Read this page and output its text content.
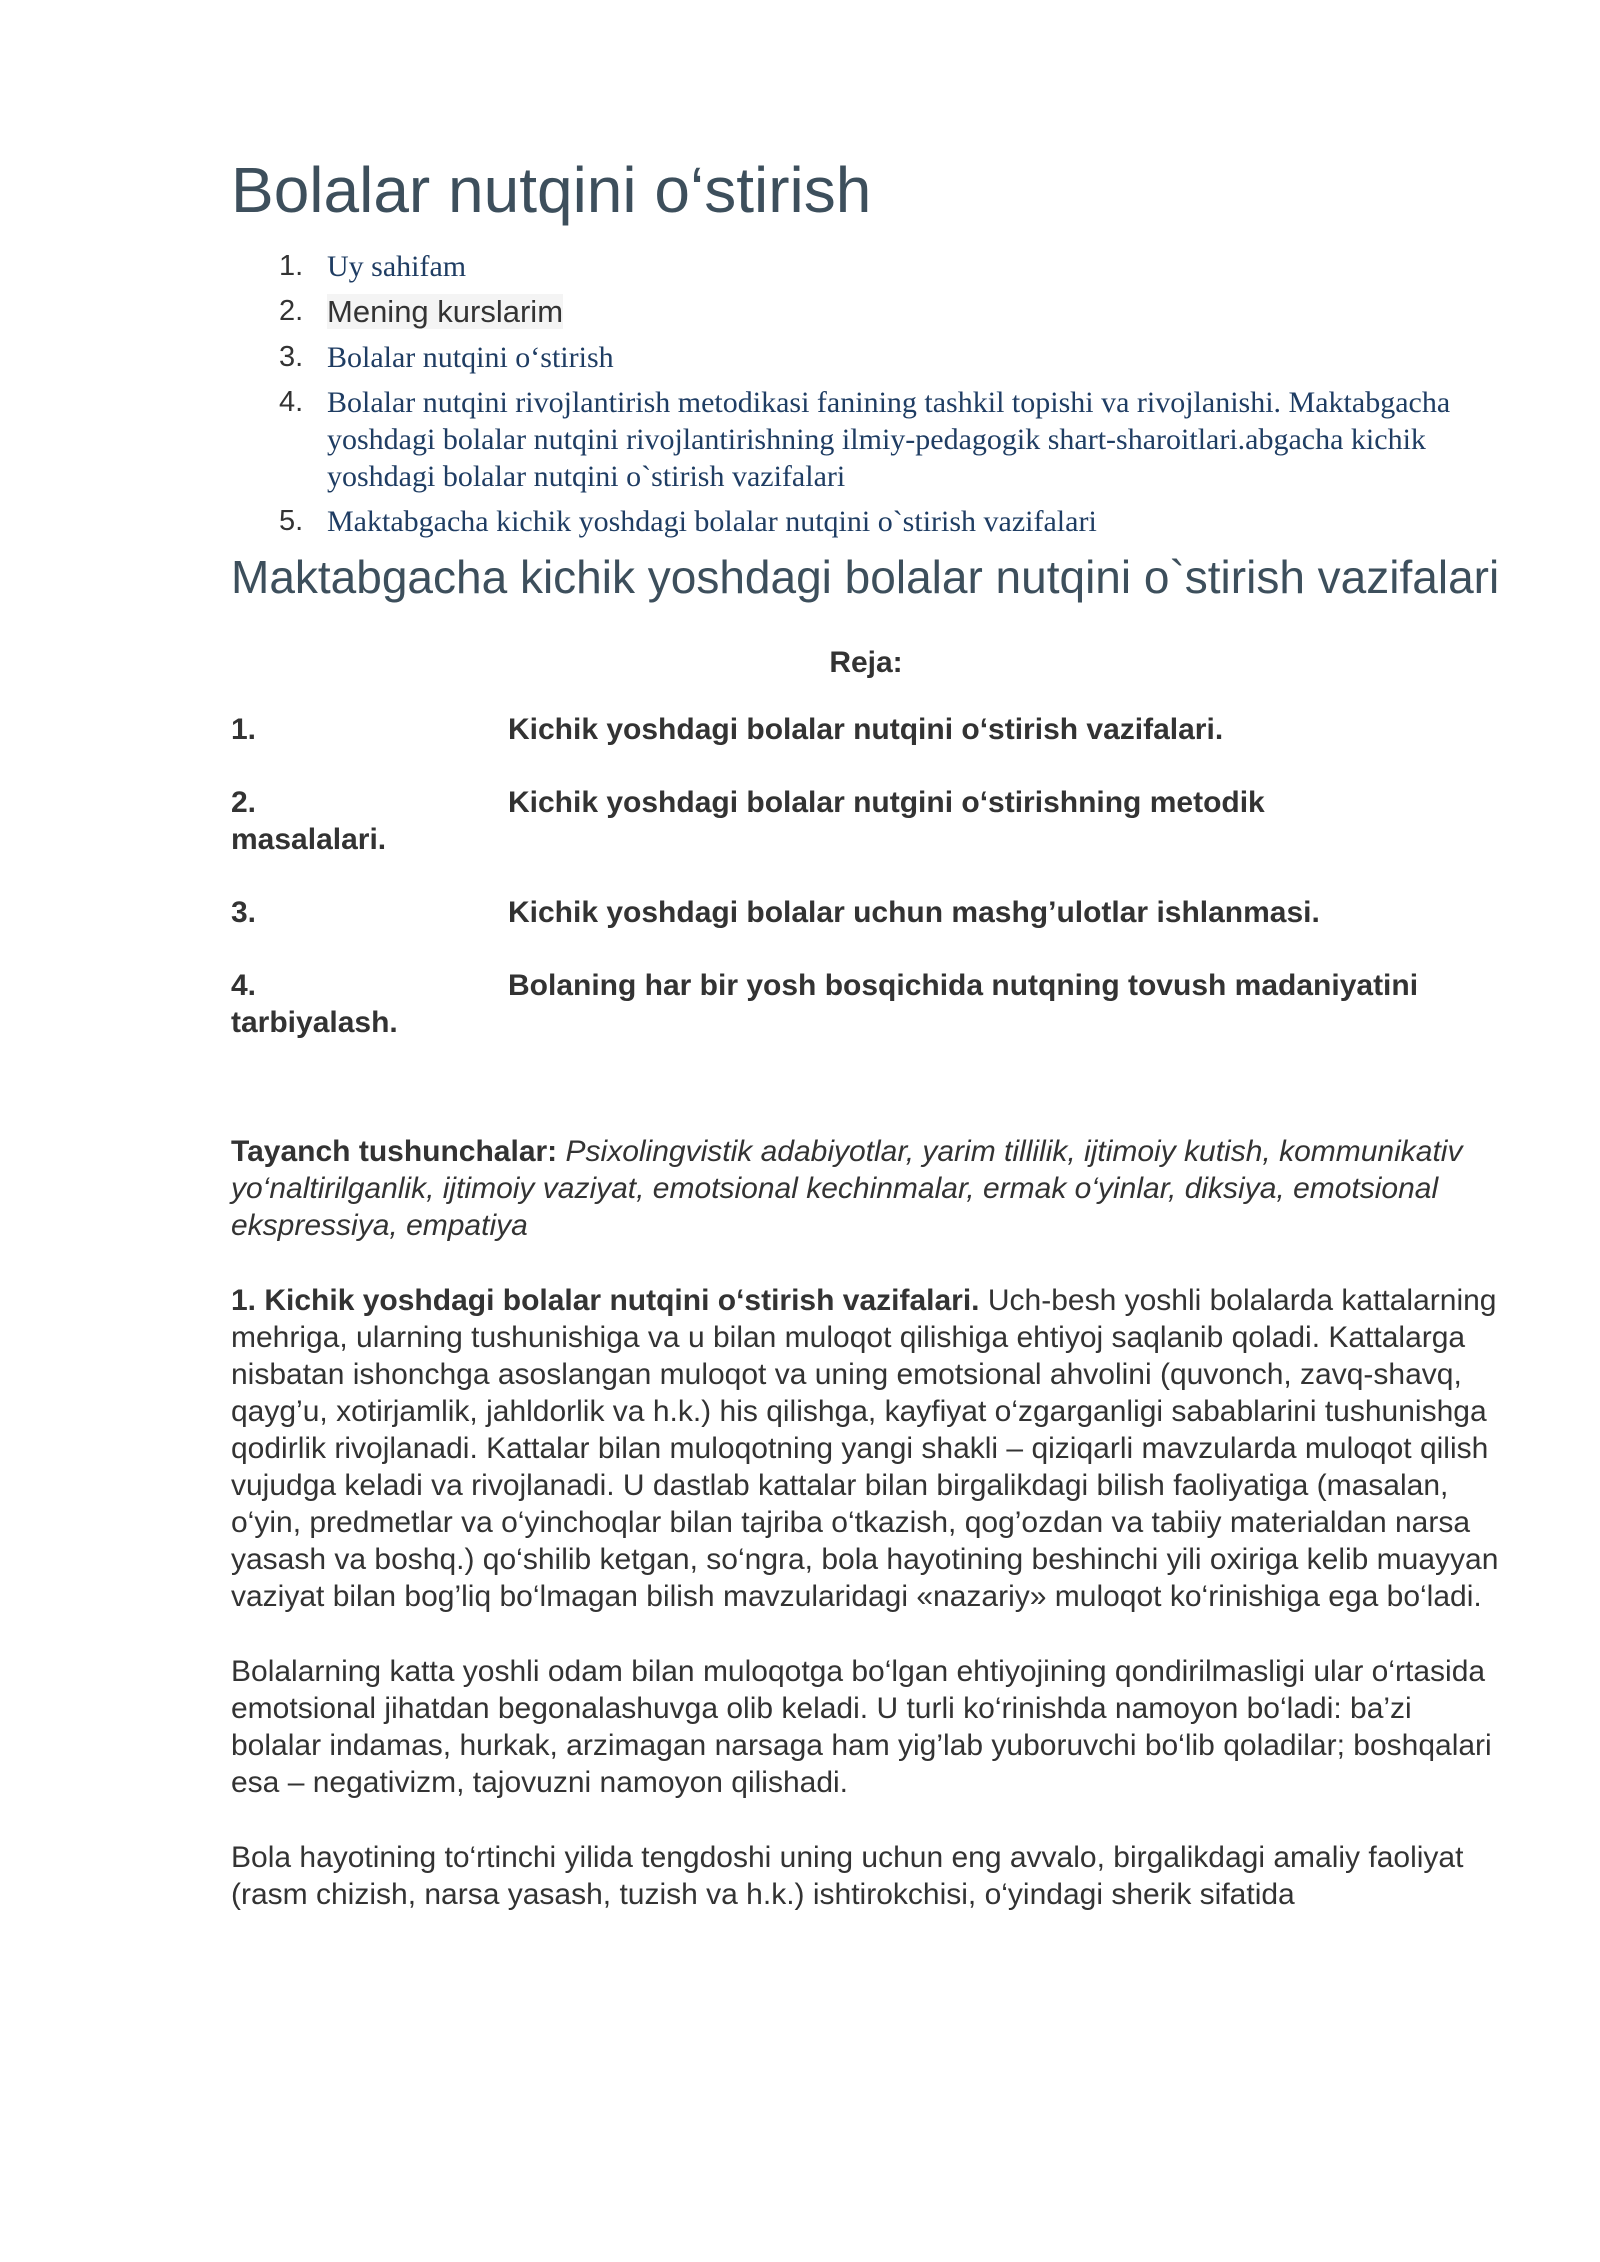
Bolalar nutqini o‘stirish
1. Uy sahifam
2. Mening kurslarim
3. Bolalar nutqini o‘stirish
4. Bolalar nutqini rivojlantirish metodikasi fanining tashkil topishi va rivojlanishi. Maktabgacha yoshdagi bolalar nutqini rivojlantirishning ilmiy-pedagogik shart-sharoitlari.abgacha kichik yoshdagi bolalar nutqini o`stirish vazifalari
5. Maktabgacha kichik yoshdagi bolalar nutqini o`stirish vazifalari
Maktabgacha kichik yoshdagi bolalar nutqini o`stirish vazifalari
Reja:
1.	Kichik yoshdagi bolalar nutqini o‘stirish vazifalari.
2.	Kichik yoshdagi bolalar nutgini o‘stirishning metodik
masalalari.
3.	Kichik yoshdagi bolalar uchun mashg’ulotlar ishlanmasi.
4.	Bolaning har bir yosh bosqichida nutqning tovush madaniyatini
tarbiyalash.

Tayanch tushunchalar: Psixolingvistik adabiyotlar, yarim tillilik, ijtimoiy kutish, kommunikativ yo‘naltirilganlik, ijtimoiy vaziyat, emotsional kechinmalar, ermak o‘yinlar, diksiya, emotsional ekspressiya, empatiya

1. Kichik yoshdagi bolalar nutqini o‘stirish vazifalari. Uch-besh yoshli bolalarda kattalarning mehriga, ularning tushunishiga va u bilan muloqot qilishiga ehtiyoj saqlanib qoladi. Kattalarga nisbatan ishonchga asoslangan muloqot va uning emotsional ahvolini (quvonch, zavq-shavq, qayg’u, xotirjamlik, jahldorlik va h.k.) his qilishga, kayfiyat o‘zgarganligi sabablarini tushunishga qodirlik rivojlanadi. Kattalar bilan muloqotning yangi shakli – qiziqarli mavzularda muloqot qilish vujudga keladi va rivojlanadi. U dastlab kattalar bilan birgalikdagi bilish faoliyatiga (masalan, o‘yin, predmetlar va o‘yinchoqlar bilan tajriba o‘tkazish, qog’ozdan va tabiiy materialdan narsa yasash va boshq.) qo‘shilib ketgan, so‘ngra, bola hayotining beshinchi yili oxiriga kelib muayyan vaziyat bilan bog’liq bo‘lmagan bilish mavzularidagi «nazariy» muloqot ko‘rinishiga ega bo‘ladi.

Bolalarning katta yoshli odam bilan muloqotga bo‘lgan ehtiyojining qondirilmasligi ular o‘rtasida emotsional jihatdan begonalashuvga olib keladi. U turli ko‘rinishda namoyon bo‘ladi: ba’zi bolalar indamas, hurkak, arzimagan narsaga ham yig’lab yuboruvchi bo‘lib qoladilar; boshqalari esa – negativizm, tajovuzni namoyon qilishadi.

Bola hayotining to‘rtinchi yilida tengdoshi uning uchun eng avvalo, birgalikdagi amaliy faoliyat (rasm chizish, narsa yasash, tuzish va h.k.) ishtirokchisi, o‘yindagi sherik sifatida
